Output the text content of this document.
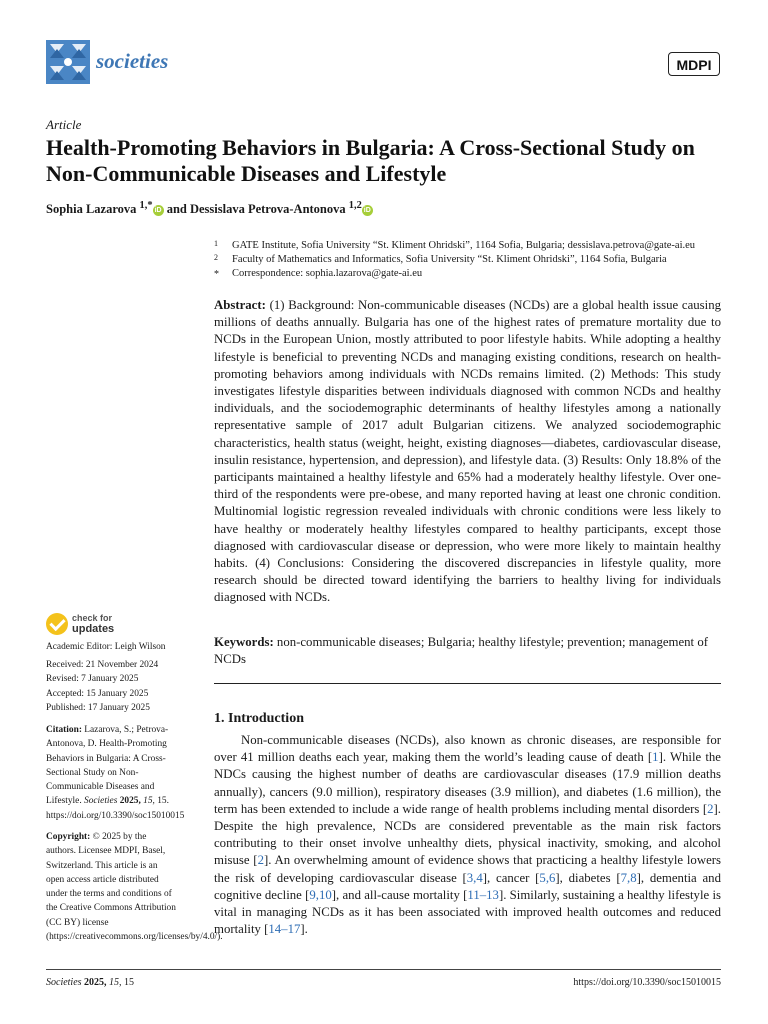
societies	MDPI
Article
Health-Promoting Behaviors in Bulgaria: A Cross-Sectional Study on Non-Communicable Diseases and Lifestyle
Sophia Lazarova $^{1,*}$ iD and Dessislava Petrova-Antonova $^{1,2}$ iD
1 GATE Institute, Sofia University “St. Kliment Ohridski”, 1164 Sofia, Bulgaria; dessislava.petrova@gate-ai.eu
2 Faculty of Mathematics and Informatics, Sofia University “St. Kliment Ohridski”, 1164 Sofia, Bulgaria
* Correspondence: sophia.lazarova@gate-ai.eu
Abstract: (1) Background: Non-communicable diseases (NCDs) are a global health issue causing millions of deaths annually. Bulgaria has one of the highest rates of premature mortality due to NCDs in the European Union, mostly attributed to poor lifestyle habits. While adopting a healthy lifestyle is beneficial to preventing NCDs and managing existing conditions, research on health-promoting behaviors among individuals with NCDs remains limited. (2) Methods: This study investigates lifestyle disparities between individuals diagnosed with common NCDs and healthy individuals, and the sociodemographic determinants of healthy lifestyles among a nationally representative sample of 2017 adult Bulgarian citizens. We analyzed sociodemographic characteristics, health status (weight, height, existing diagnoses—diabetes, cardiovascular disease, insulin resistance, hypertension, and depression), and lifestyle data. (3) Results: Only 18.8% of the participants maintained a healthy lifestyle and 65% had a moderately healthy lifestyle. Over one-third of the respondents were pre-obese, and many reported having at least one chronic condition. Multinomial logistic regression revealed individuals with chronic conditions were less likely to have healthy or moderately healthy lifestyles compared to healthy participants, except those diagnosed with cardiovascular disease or depression, who were more likely to maintain healthy habits. (4) Conclusions: Considering the discovered discrepancies in lifestyle quality, more research should be directed toward identifying the barriers to healthy living for individuals diagnosed with NCDs.
Keywords: non-communicable diseases; Bulgaria; healthy lifestyle; prevention; management of NCDs
1. Introduction
Non-communicable diseases (NCDs), also known as chronic diseases, are responsible for over 41 million deaths each year, making them the world’s leading cause of death [1]. While the NDCs causing the highest number of deaths are cardiovascular diseases (17.9 million deaths annually), cancers (9.0 million), respiratory diseases (3.9 million), and diabetes (1.6 million), the term has been extended to include a wide range of health problems including mental disorders [2]. Despite the high prevalence, NCDs are considered preventable as the main risk factors contributing to their onset involve unhealthy diets, physical inactivity, smoking, and alcohol misuse [2]. An overwhelming amount of evidence shows that practicing a healthy lifestyle lowers the risk of developing cardiovascular disease [3,4], cancer [5,6], diabetes [7,8], dementia and cognitive decline [9,10], and all-cause mortality [11–13]. Similarly, sustaining a healthy lifestyle is vital in managing NCDs as it has been associated with improved health outcomes and reduced mortality [14–17].
check for
updates
Academic Editor: Leigh Wilson
Received: 21 November 2024
Revised: 7 January 2025
Accepted: 15 January 2025
Published: 17 January 2025
Citation: Lazarova, S.; Petrova-Antonova, D. Health-Promoting Behaviors in Bulgaria: A Cross-Sectional Study on Non-Communicable Diseases and Lifestyle. Societies 2025, 15, 15. https://doi.org/10.3390/soc15010015
Copyright: © 2025 by the authors. Licensee MDPI, Basel, Switzerland. This article is an open access article distributed under the terms and conditions of the Creative Commons Attribution (CC BY) license (https://creativecommons.org/licenses/by/4.0/).
Societies 2025, 15, 15	https://doi.org/10.3390/soc15010015
